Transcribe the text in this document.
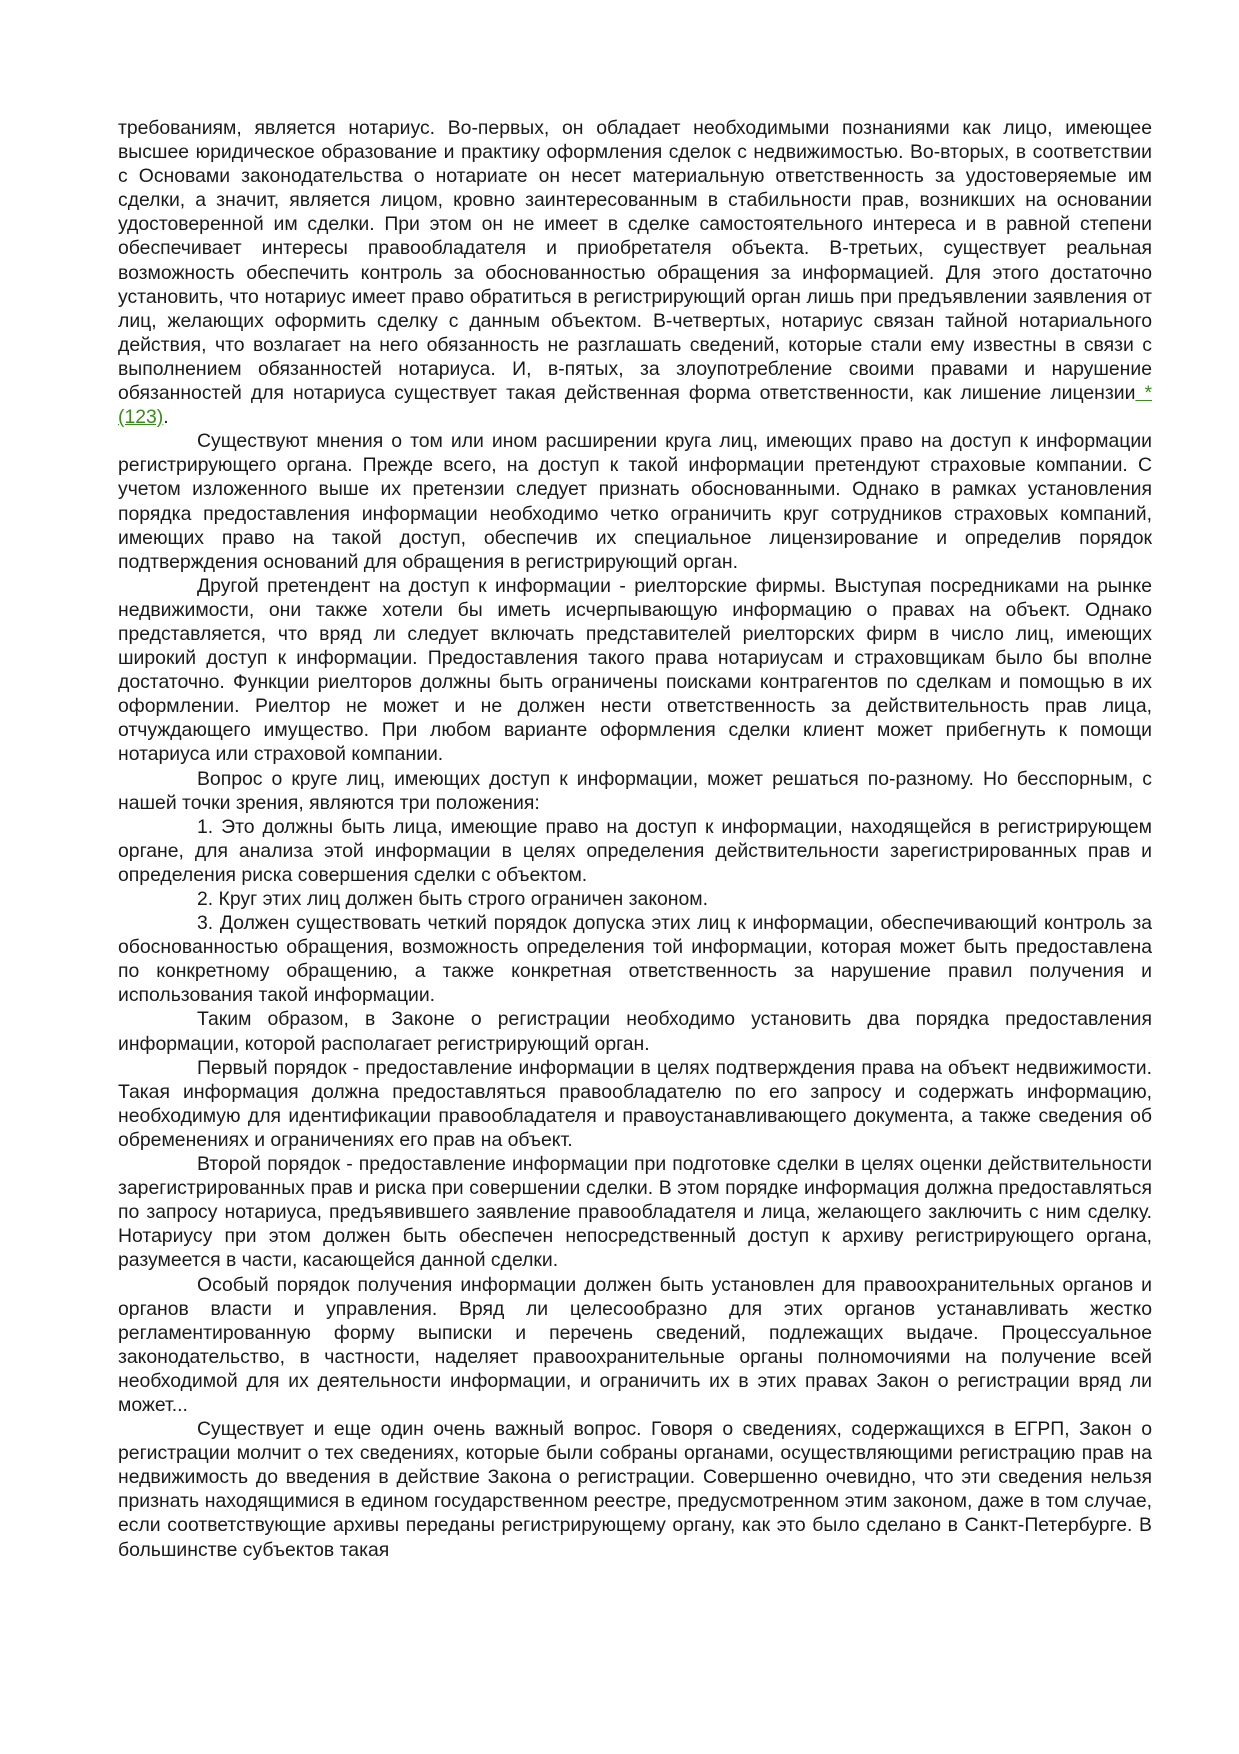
требованиям, является нотариус. Во-первых, он обладает необходимыми познаниями как лицо, имеющее высшее юридическое образование и практику оформления сделок с недвижимостью. Во-вторых, в соответствии с Основами законодательства о нотариате он несет материальную ответственность за удостоверяемые им сделки, а значит, является лицом, кровно заинтересованным в стабильности прав, возникших на основании удостоверенной им сделки. При этом он не имеет в сделке самостоятельного интереса и в равной степени обеспечивает интересы правообладателя и приобретателя объекта. В-третьих, существует реальная возможность обеспечить контроль за обоснованностью обращения за информацией. Для этого достаточно установить, что нотариус имеет право обратиться в регистрирующий орган лишь при предъявлении заявления от лиц, желающих оформить сделку с данным объектом. В-четвертых, нотариус связан тайной нотариального действия, что возлагает на него обязанность не разглашать сведений, которые стали ему известны в связи с выполнением обязанностей нотариуса. И, в-пятых, за злоупотребление своими правами и нарушение обязанностей для нотариуса существует такая действенная форма ответственности, как лишение лицензии *(123).

Существуют мнения о том или ином расширении круга лиц, имеющих право на доступ к информации регистрирующего органа. Прежде всего, на доступ к такой информации претендуют страховые компании. С учетом изложенного выше их претензии следует признать обоснованными. Однако в рамках установления порядка предоставления информации необходимо четко ограничить круг сотрудников страховых компаний, имеющих право на такой доступ, обеспечив их специальное лицензирование и определив порядок подтверждения оснований для обращения в регистрирующий орган.

Другой претендент на доступ к информации - риелторские фирмы. Выступая посредниками на рынке недвижимости, они также хотели бы иметь исчерпывающую информацию о правах на объект. Однако представляется, что вряд ли следует включать представителей риелторских фирм в число лиц, имеющих широкий доступ к информации. Предоставления такого права нотариусам и страховщикам было бы вполне достаточно. Функции риелторов должны быть ограничены поисками контрагентов по сделкам и помощью в их оформлении. Риелтор не может и не должен нести ответственность за действительность прав лица, отчуждающего имущество. При любом варианте оформления сделки клиент может прибегнуть к помощи нотариуса или страховой компании.

Вопрос о круге лиц, имеющих доступ к информации, может решаться по-разному. Но бесспорным, с нашей точки зрения, являются три положения:

1. Это должны быть лица, имеющие право на доступ к информации, находящейся в регистрирующем органе, для анализа этой информации в целях определения действительности зарегистрированных прав и определения риска совершения сделки с объектом.

2. Круг этих лиц должен быть строго ограничен законом.

3. Должен существовать четкий порядок допуска этих лиц к информации, обеспечивающий контроль за обоснованностью обращения, возможность определения той информации, которая может быть предоставлена по конкретному обращению, а также конкретная ответственность за нарушение правил получения и использования такой информации.

Таким образом, в Законе о регистрации необходимо установить два порядка предоставления информации, которой располагает регистрирующий орган.

Первый порядок - предоставление информации в целях подтверждения права на объект недвижимости. Такая информация должна предоставляться правообладателю по его запросу и содержать информацию, необходимую для идентификации правообладателя и правоустанавливающего документа, а также сведения об обременениях и ограничениях его прав на объект.

Второй порядок - предоставление информации при подготовке сделки в целях оценки действительности зарегистрированных прав и риска при совершении сделки. В этом порядке информация должна предоставляться по запросу нотариуса, предъявившего заявление правообладателя и лица, желающего заключить с ним сделку. Нотариусу при этом должен быть обеспечен непосредственный доступ к архиву регистрирующего органа, разумеется в части, касающейся данной сделки.

Особый порядок получения информации должен быть установлен для правоохранительных органов и органов власти и управления. Вряд ли целесообразно для этих органов устанавливать жестко регламентированную форму выписки и перечень сведений, подлежащих выдаче. Процессуальное законодательство, в частности, наделяет правоохранительные органы полномочиями на получение всей необходимой для их деятельности информации, и ограничить их в этих правах Закон о регистрации вряд ли может...

Существует и еще один очень важный вопрос. Говоря о сведениях, содержащихся в ЕГРП, Закон о регистрации молчит о тех сведениях, которые были собраны органами, осуществляющими регистрацию прав на недвижимость до введения в действие Закона о регистрации. Совершенно очевидно, что эти сведения нельзя признать находящимися в едином государственном реестре, предусмотренном этим законом, даже в том случае, если соответствующие архивы переданы регистрирующему органу, как это было сделано в Санкт-Петербурге. В большинстве субъектов такая
